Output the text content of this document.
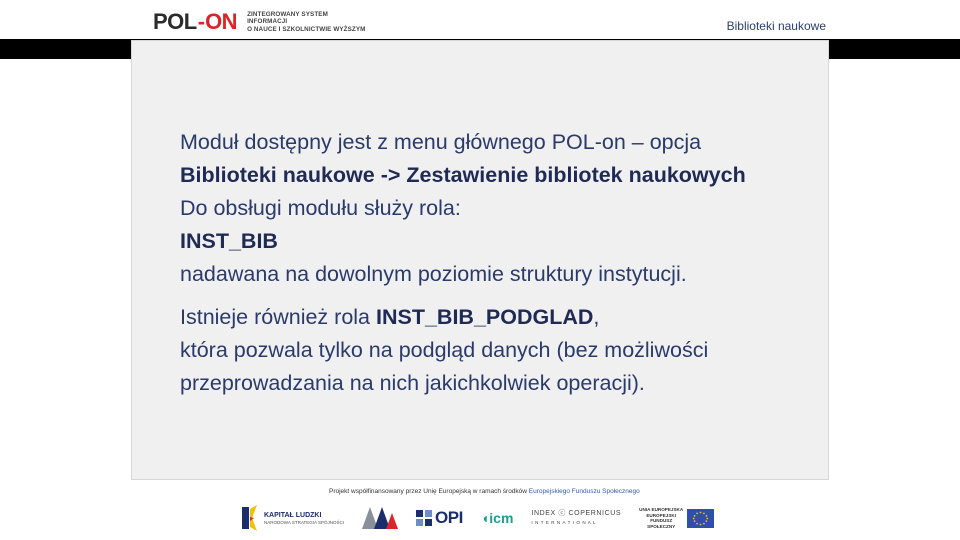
POL - ON ZINTEGROWANY SYSTEM INFORMACJI
O NAUCE I SZKOLNICTWIE WYŻSZYM	Biblioteki naukowe
Moduł dostępny jest z menu głównego POL-on – opcja
Biblioteki naukowe -> Zestawienie bibliotek naukowych
Do obsługi modułu służy rola:
INST_BIB
nadawana na dowolnym poziomie struktury instytucji.
Istnieje również rola INST_BIB_PODGLAD,
która pozwala tylko na podgląd danych (bez możliwości
przeprowadzania na nich jakichkolwiek operacji).
Projekt współfinansowany przez Unię Europejską w ramach środków Europejskiego Funduszu Społecznego
KAPITAŁ LUDZKI
NARODOWA STRATEGIA SPÓJNOŚCI	OPI ◖icm	INDEX ⓒ COPERNICUS
I N T E R N A T I O N A L
UNIA EUROPEJSKA
EUROPEJSKI
FUNDUSZ SPOŁECZNY
